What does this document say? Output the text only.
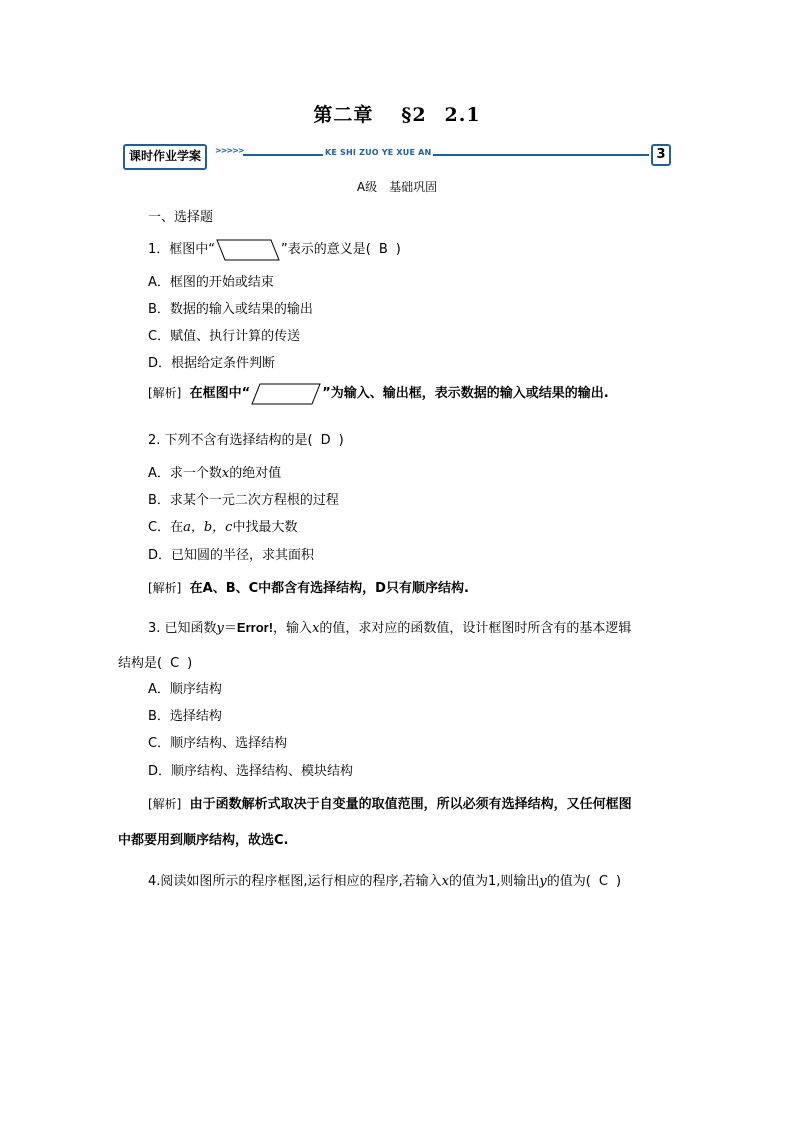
第二章 §2 2.1
课时作业学案	>>>>>	KE SHI ZUO YE XUE AN	3
A级　基础巩固
一、选择题
1．框图中“	”表示的意义是( B )
A．框图的开始或结束
B．数据的输入或结果的输出
C．赋值、执行计算的传送
D．根据给定条件判断
[解析] 在框图中“	”为输入、输出框，表示数据的输入或结果的输出.
2. 下列不含有选择结构的是( D )
A．求一个数x的绝对值
B．求某个一元二次方程根的过程
C．在a，b，c中找最大数
D．已知圆的半径，求其面积
[解析] 在A、B、C中都含有选择结构，D只有顺序结构.
3. 已知函数y＝Error!，输入x的值，求对应的函数值，设计框图时所含有的基本逻辑
结构是( C )
A．顺序结构
B．选择结构
C．顺序结构、选择结构
D．顺序结构、选择结构、模块结构
[解析] 由于函数解析式取决于自变量的取值范围，所以必须有选择结构，又任何框图
中都要用到顺序结构，故选C.
4.阅读如图所示的程序框图,运行相应的程序,若输入x的值为1,则输出y的值为( C )
